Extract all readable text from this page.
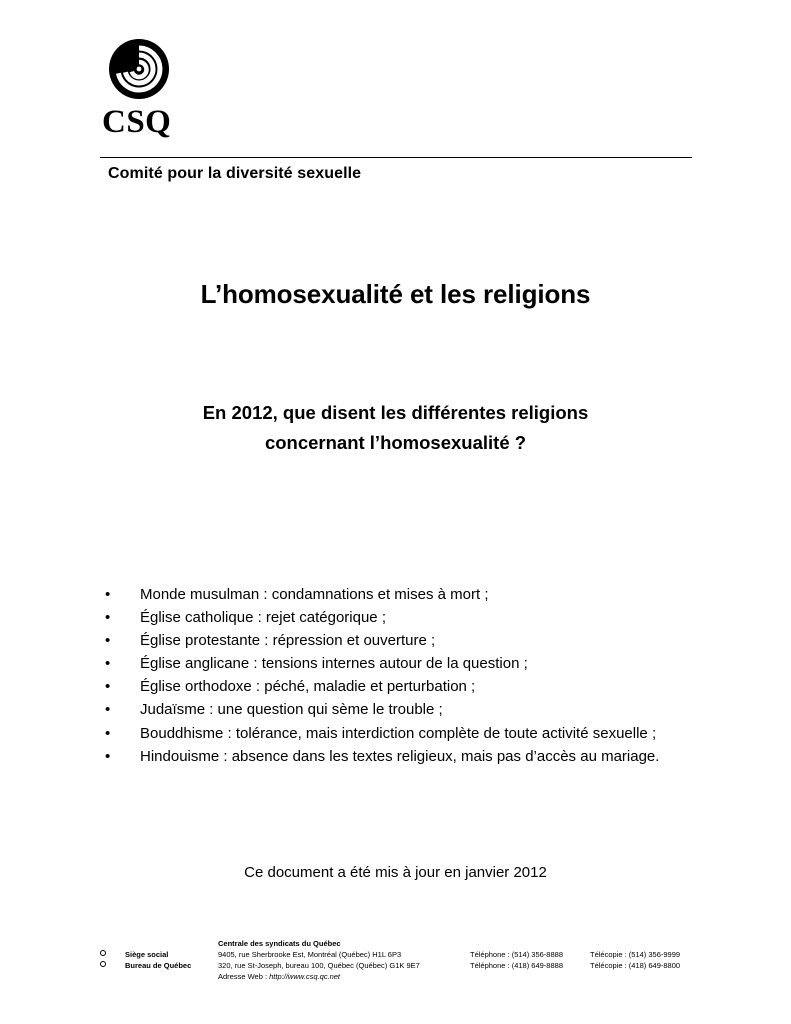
CSQ
Comité pour la diversité sexuelle
L’homosexualité et les religions
En 2012, que disent les différentes religions
concernant l’homosexualité ?
• Monde musulman : condamnations et mises à mort ;
• Église catholique : rejet catégorique ;
• Église protestante : répression et ouverture ;
• Église anglicane : tensions internes autour de la question ;
• Église orthodoxe : péché, maladie et perturbation ;
• Judaïsme : une question qui sème le trouble ;
• Bouddhisme : tolérance, mais interdiction complète de toute activité sexuelle ;
• Hindouisme : absence dans les textes religieux, mais pas d’accès au mariage.
Ce document a été mis à jour en janvier 2012
Centrale des syndicats du Québec
Siège social	9405, rue Sherbrooke Est, Montréal (Québec) H1L 6P3	Téléphone : (514) 356-8888	Télécopie : (514) 356-9999
Bureau de Québec	320, rue St-Joseph, bureau 100, Québec (Québec) G1K 9E7	Téléphone : (418) 649-8888	Télécopie : (418) 649-8800
Adresse Web : http://www.csq.qc.net
